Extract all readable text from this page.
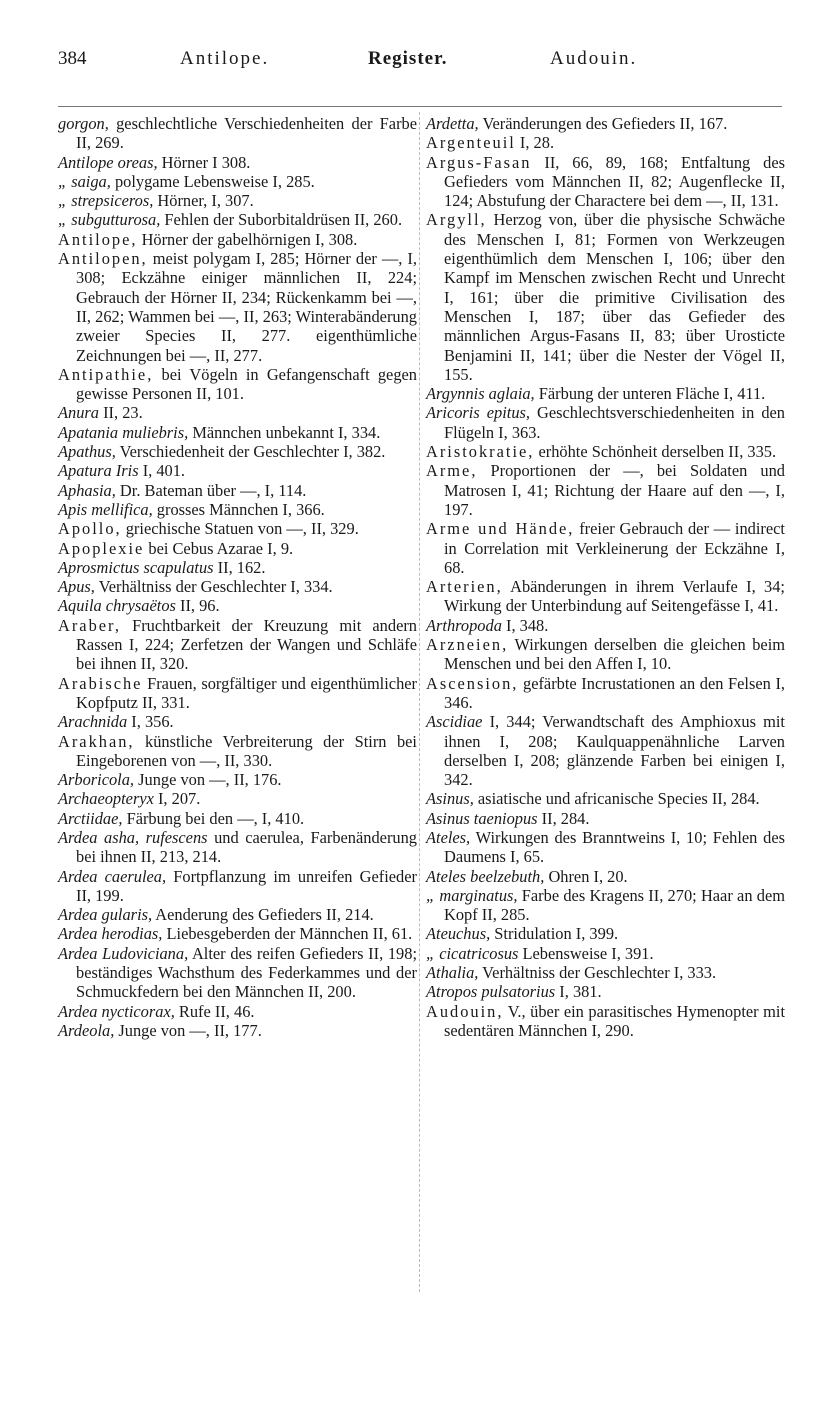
384	Antilope.	Register.	Audouin.

gorgon, geschlechtliche Verschiedenheiten der Farbe II, 269.

Antilope oreas, Hörner I 308.

„ saiga, polygame Lebensweise I, 285.

„ strepsiceros, Hörner, I, 307.

„ subgutturosa, Fehlen der Suborbitaldrüsen II, 260.

Antilope, Hörner der gabelhörnigen I, 308.

Antilopen, meist polygam I, 285; Hörner der —, I, 308; Eckzähne einiger männlichen II, 224; Gebrauch der Hörner II, 234; Rückenkamm bei —, II, 262; Wammen bei —, II, 263; Winterabänderung zweier Species II, 277. eigenthümliche Zeichnungen bei —, II, 277.

Antipathie, bei Vögeln in Gefangenschaft gegen gewisse Personen II, 101.

Anura II, 23.

Apatania muliebris, Männchen unbekannt I, 334.

Apathus, Verschiedenheit der Geschlechter I, 382.

Apatura Iris I, 401.

Aphasia, Dr. Bateman über —, I, 114.

Apis mellifica, grosses Männchen I, 366.

Apollo, griechische Statuen von —, II, 329.

Apoplexie bei Cebus Azarae I, 9.

Aprosmictus scapulatus II, 162.

Apus, Verhältniss der Geschlechter I, 334.

Aquila chrysaëtos II, 96.

Araber, Fruchtbarkeit der Kreuzung mit andern Rassen I, 224; Zerfetzen der Wangen und Schläfe bei ihnen II, 320.

Arabische Frauen, sorgfältiger und eigenthümlicher Kopfputz II, 331.

Arachnida I, 356.

Arakhan, künstliche Verbreiterung der Stirn bei Eingeborenen von —, II, 330.

Arboricola, Junge von —, II, 176.

Archaeopteryx I, 207.

Arctiidae, Färbung bei den —, I, 410.

Ardea asha, rufescens und caerulea, Farbenänderung bei ihnen II, 213, 214.

Ardea caerulea, Fortpflanzung im unreifen Gefieder II, 199.

Ardea gularis, Aenderung des Gefieders II, 214.

Ardea herodias, Liebesgeberden der Männchen II, 61.

Ardea Ludoviciana, Alter des reifen Gefieders II, 198; beständiges Wachsthum des Federkammes und der Schmuckfedern bei den Männchen II, 200.

Ardea nycticorax, Rufe II, 46.

Ardeola, Junge von —, II, 177.

Ardetta, Veränderungen des Gefieders II, 167.

Argenteuil I, 28.

Argus-Fasan II, 66, 89, 168; Entfaltung des Gefieders vom Männchen II, 82; Augenflecke II, 124; Abstufung der Charactere bei dem —, II, 131.

Argyll, Herzog von, über die physische Schwäche des Menschen I, 81; Formen von Werkzeugen eigenthümlich dem Menschen I, 106; über den Kampf im Menschen zwischen Recht und Unrecht I, 161; über die primitive Civilisation des Menschen I, 187; über das Gefieder des männlichen Argus-Fasans II, 83; über Urosticte Benjamini II, 141; über die Nester der Vögel II, 155.

Argynnis aglaia, Färbung der unteren Fläche I, 411.

Aricoris epitus, Geschlechtsverschiedenheiten in den Flügeln I, 363.

Aristokratie, erhöhte Schönheit derselben II, 335.

Arme, Proportionen der —, bei Soldaten und Matrosen I, 41; Richtung der Haare auf den —, I, 197.

Arme und Hände, freier Gebrauch der — indirect in Correlation mit Verkleinerung der Eckzähne I, 68.

Arterien, Abänderungen in ihrem Verlaufe I, 34; Wirkung der Unterbindung auf Seitengefässe I, 41.

Arthropoda I, 348.

Arzneien, Wirkungen derselben die gleichen beim Menschen und bei den Affen I, 10.

Ascension, gefärbte Incrustationen an den Felsen I, 346.

Ascidiae I, 344; Verwandtschaft des Amphioxus mit ihnen I, 208; Kaulquappenähnliche Larven derselben I, 208; glänzende Farben bei einigen I, 342.

Asinus, asiatische und africanische Species II, 284.

Asinus taeniopus II, 284.

Ateles, Wirkungen des Branntweins I, 10; Fehlen des Daumens I, 65.

Ateles beelzebuth, Ohren I, 20.

„ marginatus, Farbe des Kragens II, 270; Haar an dem Kopf II, 285.

Ateuchus, Stridulation I, 399.

„ cicatricosus Lebensweise I, 391.

Athalia, Verhältniss der Geschlechter I, 333.

Atropos pulsatorius I, 381.

Audouin, V., über ein parasitisches Hymenopter mit sedentären Männchen I, 290.
